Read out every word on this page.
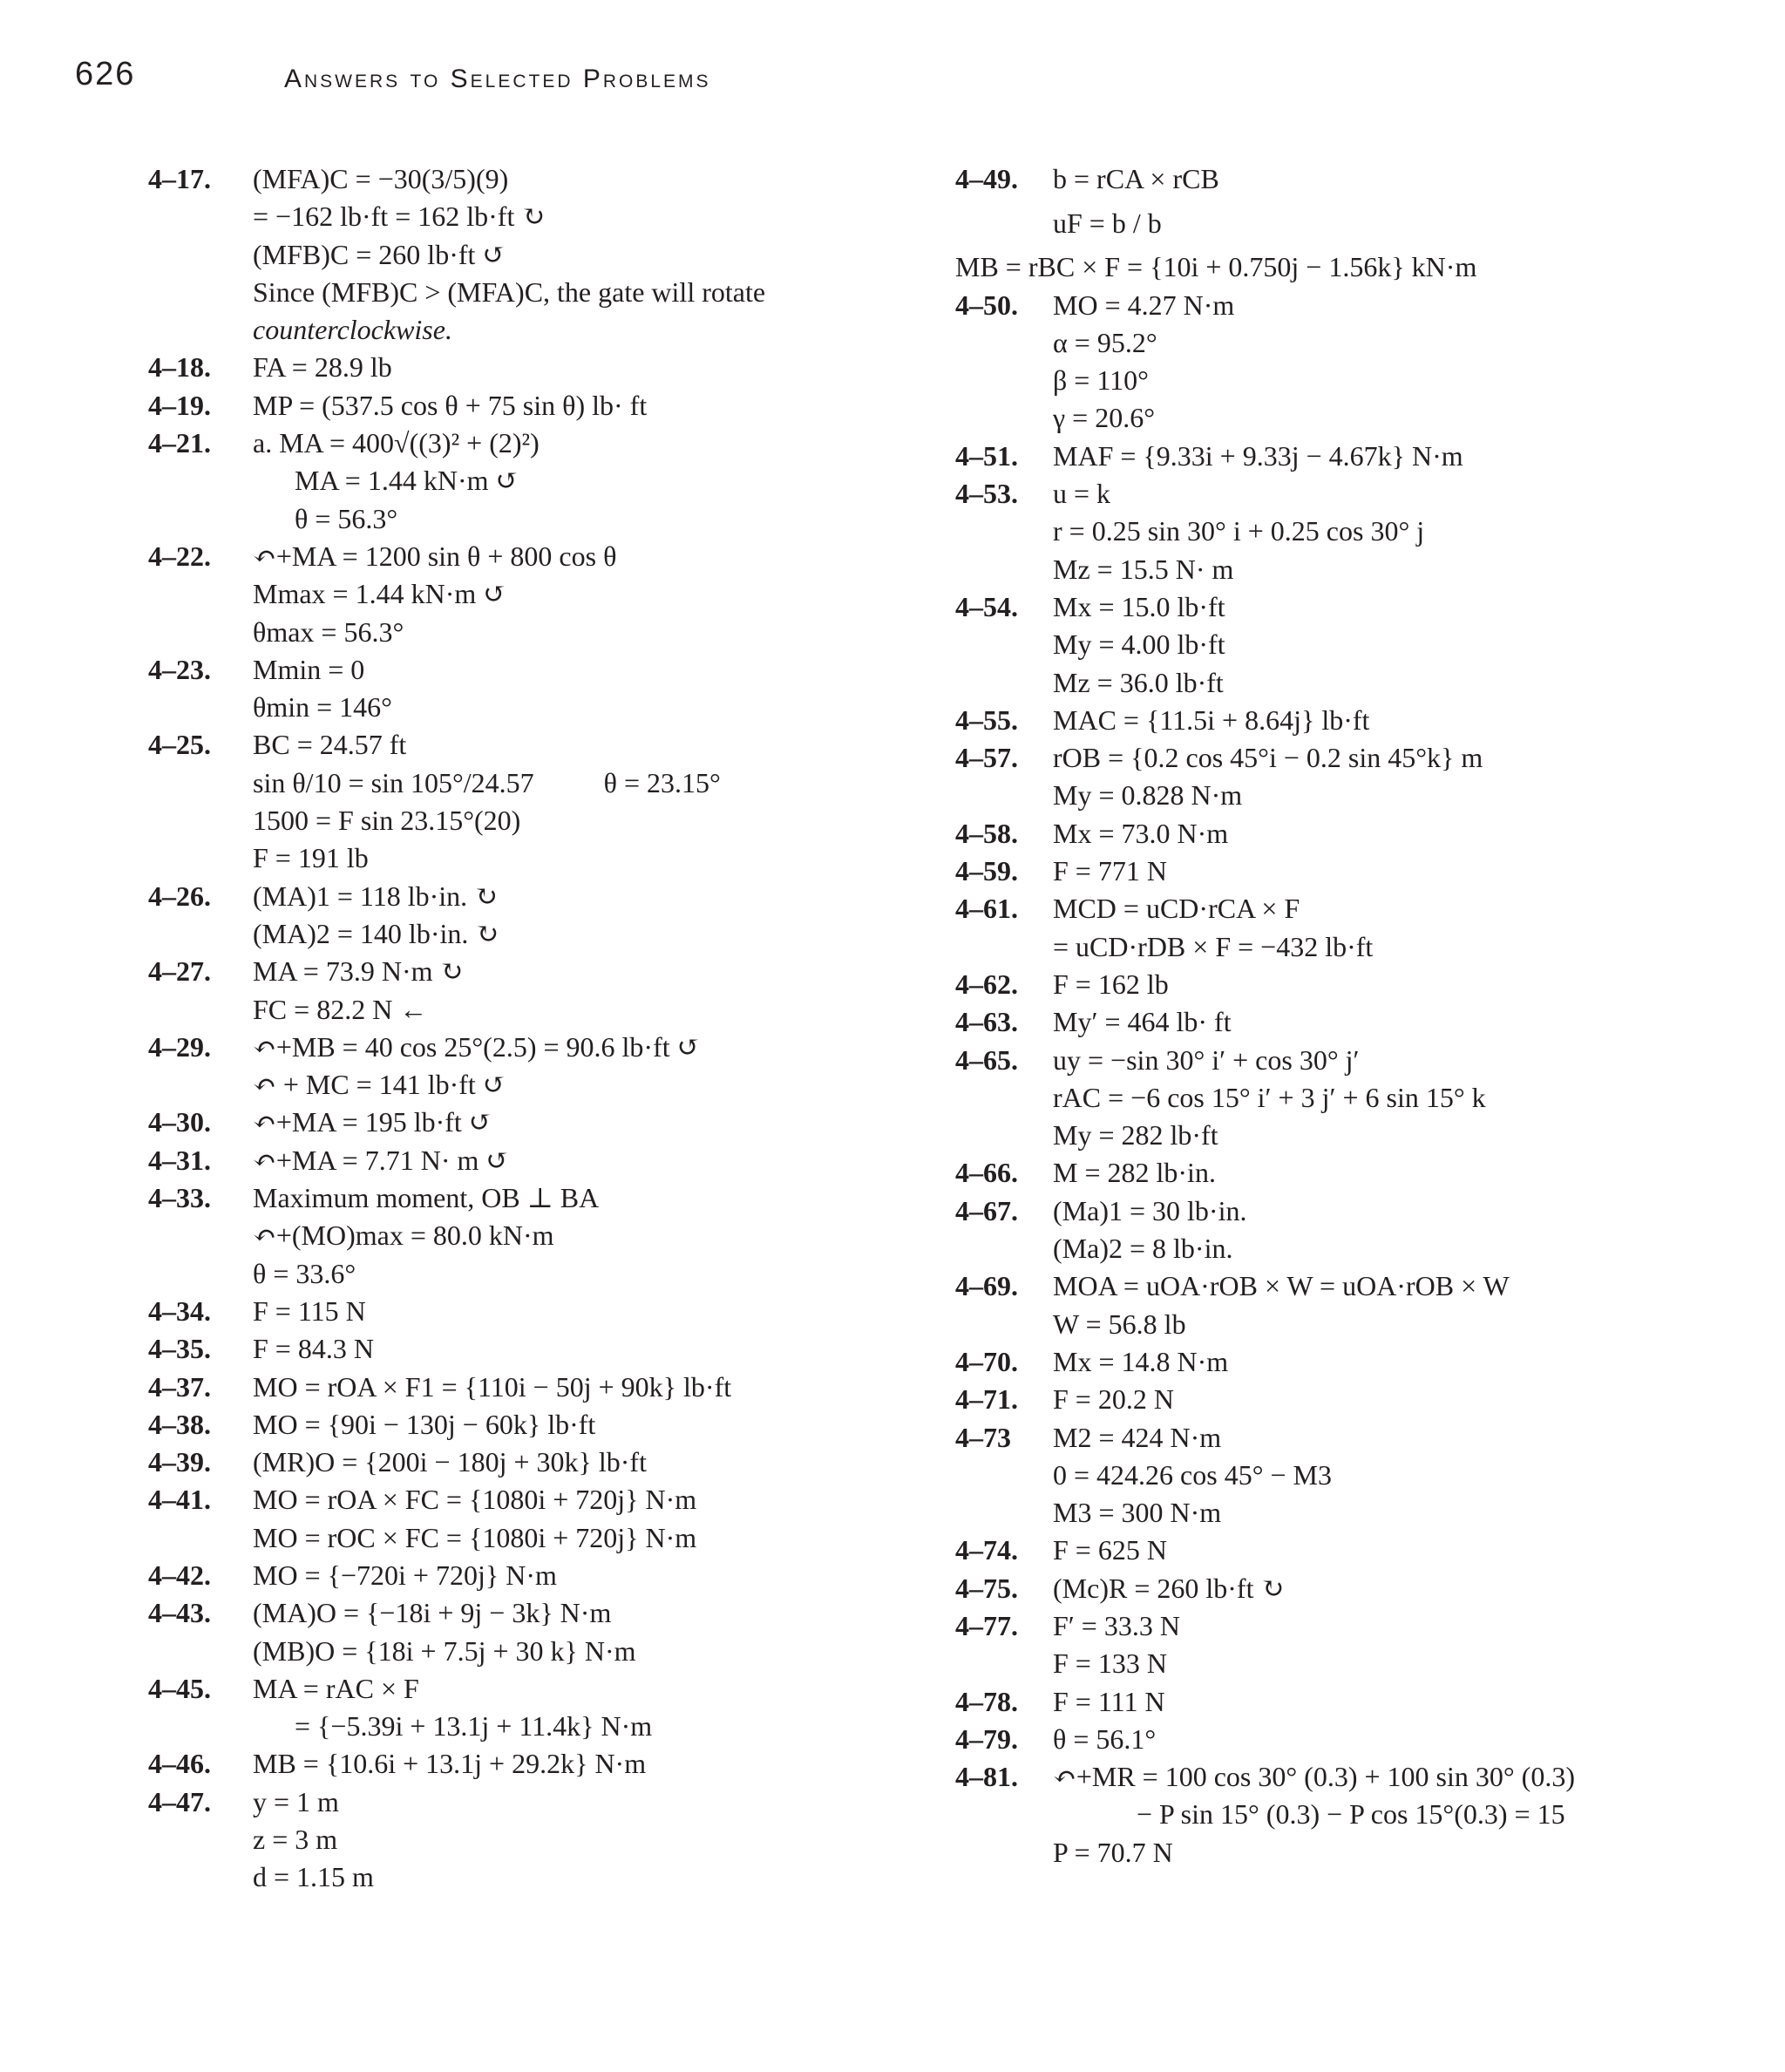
626	Answers to Selected Problems
4–17.	(MFA)C = −30(3/5)(9)
= −162 lb·ft = 162 lb·ft ↻
(MFB)C = 260 lb·ft ↺
Since (MFB)C > (MFA)C, the gate will rotate
counterclockwise.
4–18.	FA = 28.9 lb
4–19.	MP = (537.5 cos θ + 75 sin θ) lb· ft
4–21.	a. MA = 400√((3)² + (2)²)
MA = 1.44 kN·m ↺
θ = 56.3°
4–22.	↶+MA = 1200 sin θ + 800 cos θ
Mmax = 1.44 kN·m ↺
θmax = 56.3°
4–23.	Mmin = 0
θmin = 146°
4–25.	BC = 24.57 ft
sin θ/10 = sin 105°/24.57          θ = 23.15°
1500 = F sin 23.15°(20)
F = 191 lb
4–26.	(MA)1 = 118 lb·in. ↻
(MA)2 = 140 lb·in. ↻
4–27.	MA = 73.9 N·m ↻
FC = 82.2 N ←
4–29.	↶+MB = 40 cos 25°(2.5) = 90.6 lb·ft ↺
↶ + MC = 141 lb·ft ↺
4–30.	↶+MA = 195 lb·ft ↺
4–31.	↶+MA = 7.71 N· m ↺
4–33.	Maximum moment, OB ⊥ BA
↶+(MO)max = 80.0 kN·m
θ = 33.6°
4–34.	F = 115 N
4–35.	F = 84.3 N
4–37.	MO = rOA × F1 = {110i − 50j + 90k} lb·ft
4–38.	MO = {90i − 130j − 60k} lb·ft
4–39.	(MR)O = {200i − 180j + 30k} lb·ft
4–41.	MO = rOA × FC = {1080i + 720j} N·m
MO = rOC × FC = {1080i + 720j} N·m
4–42.	MO = {−720i + 720j} N·m
4–43.	(MA)O = {−18i + 9j − 3k} N·m
(MB)O = {18i + 7.5j + 30 k} N·m
4–45.	MA = rAC × F
= {−5.39i + 13.1j + 11.4k} N·m
4–46.	MB = {10.6i + 13.1j + 29.2k} N·m
4–47.	y = 1 m
z = 3 m
d = 1.15 m
4–49.	b = rCA × rCB
uF = b / b
MB = rBC × F = {10i + 0.750j − 1.56k} kN·m
4–50.	MO = 4.27 N·m
α = 95.2°
β = 110°
γ = 20.6°
4–51.	MAF = {9.33i + 9.33j − 4.67k} N·m
4–53.	u = k
r = 0.25 sin 30° i + 0.25 cos 30° j
Mz = 15.5 N· m
4–54.	Mx = 15.0 lb·ft
My = 4.00 lb·ft
Mz = 36.0 lb·ft
4–55.	MAC = {11.5i + 8.64j} lb·ft
4–57.	rOB = {0.2 cos 45°i − 0.2 sin 45°k} m
My = 0.828 N·m
4–58.	Mx = 73.0 N·m
4–59.	F = 771 N
4–61.	MCD = uCD·rCA × F
= uCD·rDB × F = −432 lb·ft
4–62.	F = 162 lb
4–63.	My′ = 464 lb· ft
4–65.	uy = −sin 30° i′ + cos 30° j′
rAC = −6 cos 15° i′ + 3 j′ + 6 sin 15° k
My = 282 lb·ft
4–66.	M = 282 lb·in.
4–67.	(Ma)1 = 30 lb·in.
(Ma)2 = 8 lb·in.
4–69.	MOA = uOA·rOB × W = uOA·rOB × W
W = 56.8 lb
4–70.	Mx = 14.8 N·m
4–71.	F = 20.2 N
4–73	M2 = 424 N·m
0 = 424.26 cos 45° − M3
M3 = 300 N·m
4–74.	F = 625 N
4–75.	(Mc)R = 260 lb·ft ↻
4–77.	F′ = 33.3 N
F = 133 N
4–78.	F = 111 N
4–79.	θ = 56.1°
4–81.	↶+MR = 100 cos 30° (0.3) + 100 sin 30° (0.3)
− P sin 15° (0.3) − P cos 15°(0.3) = 15
P = 70.7 N
